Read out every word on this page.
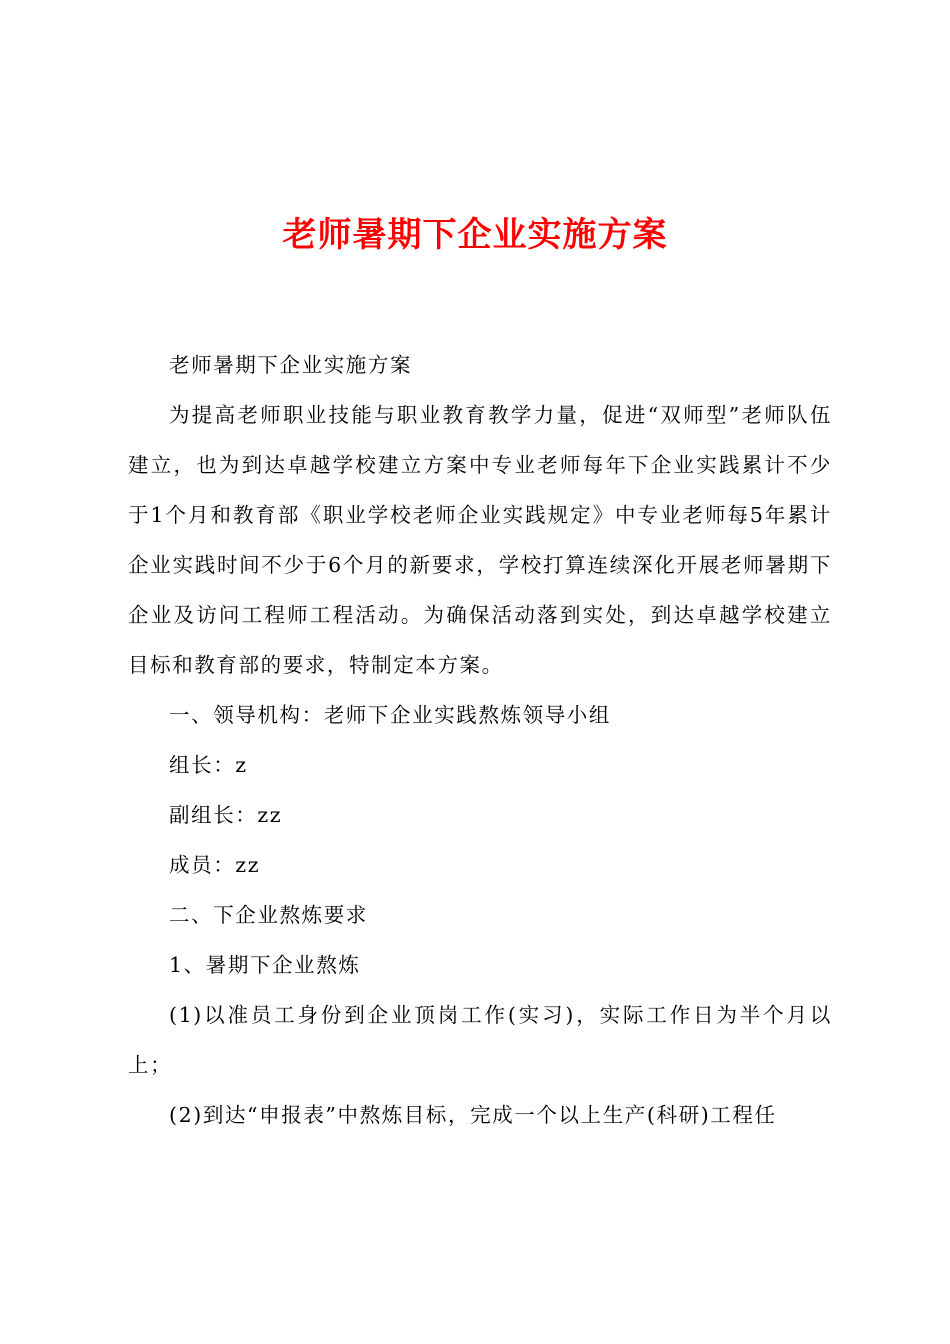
老师暑期下企业实施方案

老师暑期下企业实施方案

为提高老师职业技能与职业教育教学力量，促进“双师型”老师队伍建立，也为到达卓越学校建立方案中专业老师每年下企业实践累计不少于1个月和教育部《职业学校老师企业实践规定》中专业老师每5年累计企业实践时间不少于6个月的新要求，学校打算连续深化开展老师暑期下企业及访问工程师工程活动。为确保活动落到实处，到达卓越学校建立目标和教育部的要求，特制定本方案。

一、领导机构：老师下企业实践熬炼领导小组

组长：z

副组长：zz

成员：zz

二、下企业熬炼要求

1、暑期下企业熬炼

(1)以准员工身份到企业顶岗工作(实习)，实际工作日为半个月以上；

(2)到达“申报表”中熬炼目标，完成一个以上生产(科研)工程任
